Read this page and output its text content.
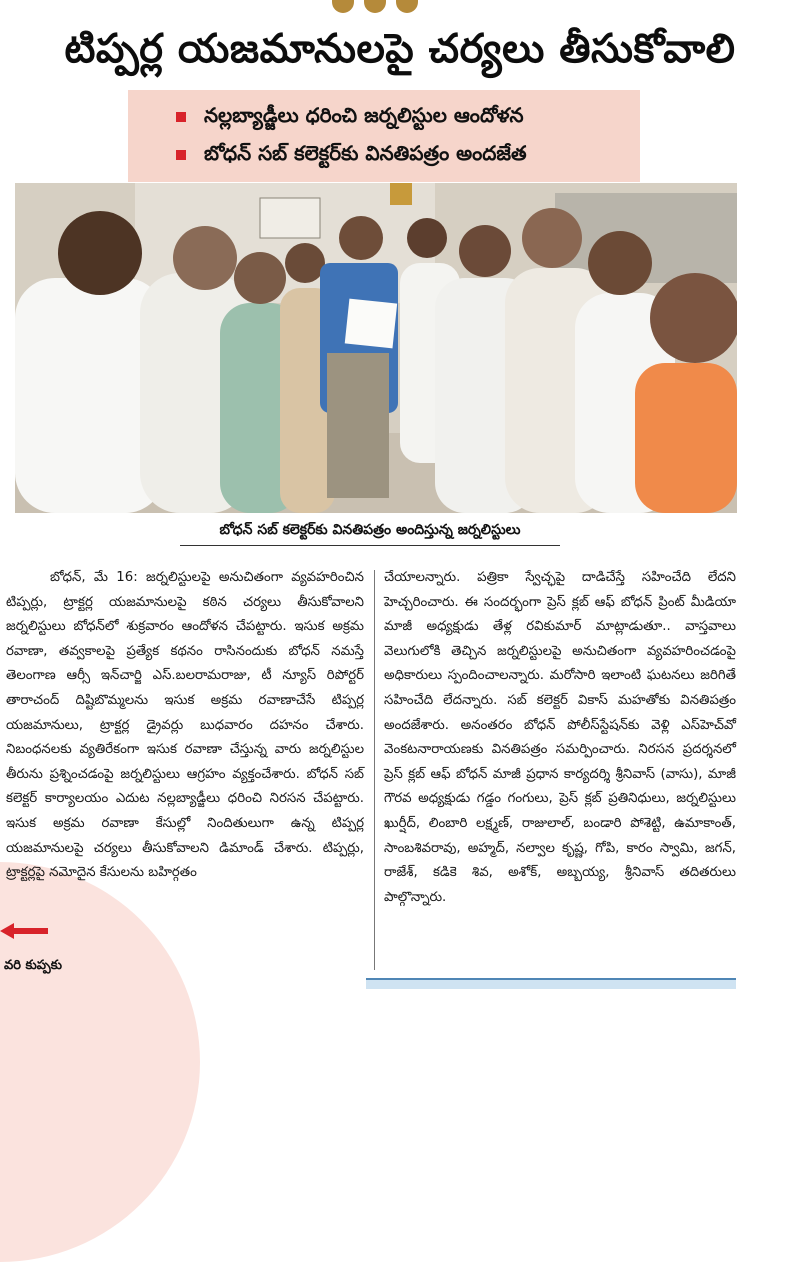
టిప్పర్ల యజమానులపై చర్యలు తీసుకోవాలి
నల్లబ్యాడ్జీలు ధరించి జర్నలిస్టుల ఆందోళన
బోధన్ సబ్ కలెక్టర్‌కు వినతిపత్రం అందజేత
బోధన్ సబ్ కలెక్టర్‌కు వినతిపత్రం అందిస్తున్న జర్నలిస్టులు

బోధన్, మే 16: జర్నలిస్టులపై అనుచితంగా వ్యవహరించిన టిప్పర్లు, ట్రాక్టర్ల యజమానులపై కఠిన చర్యలు తీసుకోవాలని జర్నలిస్టులు బోధన్‌లో శుక్రవారం ఆందోళన చేపట్టారు. ఇసుక అక్రమ రవాణా, తవ్వకాలపై ప్రత్యేక కథనం రాసినందుకు బోధన్ నమస్తే తెలంగాణ ఆర్సీ ఇన్‌చార్జి ఎస్.బలరామరాజు, టీ న్యూస్ రిపోర్టర్ తారాచంద్ దిష్టిబొమ్మలను ఇసుక అక్రమ రవాణాచేసే టిప్పర్ల యజమానులు, ట్రాక్టర్ల డ్రైవర్లు బుధవారం దహనం చేశారు. నిబంధనలకు వ్యతిరేకంగా ఇసుక రవాణా చేస్తున్న వారు జర్నలిస్టుల తీరును ప్రశ్నించడంపై జర్నలిస్టులు ఆగ్రహం వ్యక్తంచేశారు. బోధన్ సబ్ కలెక్టర్ కార్యాలయం ఎదుట నల్లబ్యాడ్జీలు ధరించి నిరసన చేపట్టారు. ఇసుక అక్రమ రవాణా కేసుల్లో నిందితులుగా ఉన్న టిప్పర్ల యజమానులపై చర్యలు తీసుకోవాలని డిమాండ్ చేశారు. టిప్పర్లు, ట్రాక్టర్లపై నమోదైన కేసులను బహిర్గతం

చేయాలన్నారు. పత్రికా స్వేచ్ఛపై దాడిచేస్తే సహించేది లేదని హెచ్చరించారు. ఈ సందర్భంగా ప్రెస్ క్లబ్ ఆఫ్ బోధన్ ప్రింట్ మీడియా మాజీ అధ్యక్షుడు తేళ్ల రవికుమార్ మాట్లాడుతూ.. వాస్తవాలు వెలుగులోకి తెచ్చిన జర్నలిస్టులపై అనుచితంగా వ్యవహరించడంపై అధికారులు స్పందించాలన్నారు. మరోసారి ఇలాంటి ఘటనలు జరిగితే సహించేది లేదన్నారు. సబ్ కలెక్టర్ వికాస్ మహతోకు వినతిపత్రం అందజేశారు. అనంతరం బోధన్ పోలీస్‌స్టేషన్‌కు వెళ్లి ఎస్‌హెచ్‌వో వెంకటనారాయణకు వినతిపత్రం సమర్పించారు. నిరసన ప్రదర్శనలో ప్రెస్ క్లబ్ ఆఫ్ బోధన్ మాజీ ప్రధాన కార్యదర్శి శ్రీనివాస్ (వాసు), మాజీ గౌరవ అధ్యక్షుడు గడ్డం గంగులు, ప్రెస్ క్లబ్ ప్రతినిధులు, జర్నలిస్టులు ఖుర్షీద్, లింబారి లక్ష్మణ్, రాజులాల్, బండారి పోశెట్టి, ఉమాకాంత్, సాంబశివరావు, అహ్మద్, నల్వాల కృష్ణ, గోపి, కారం స్వామి, జగన్, రాజేశ్, కడికె శివ, అశోక్, అబ్బయ్య, శ్రీనివాస్ తదితరులు పాల్గొన్నారు.

వరి కుప్పకు
